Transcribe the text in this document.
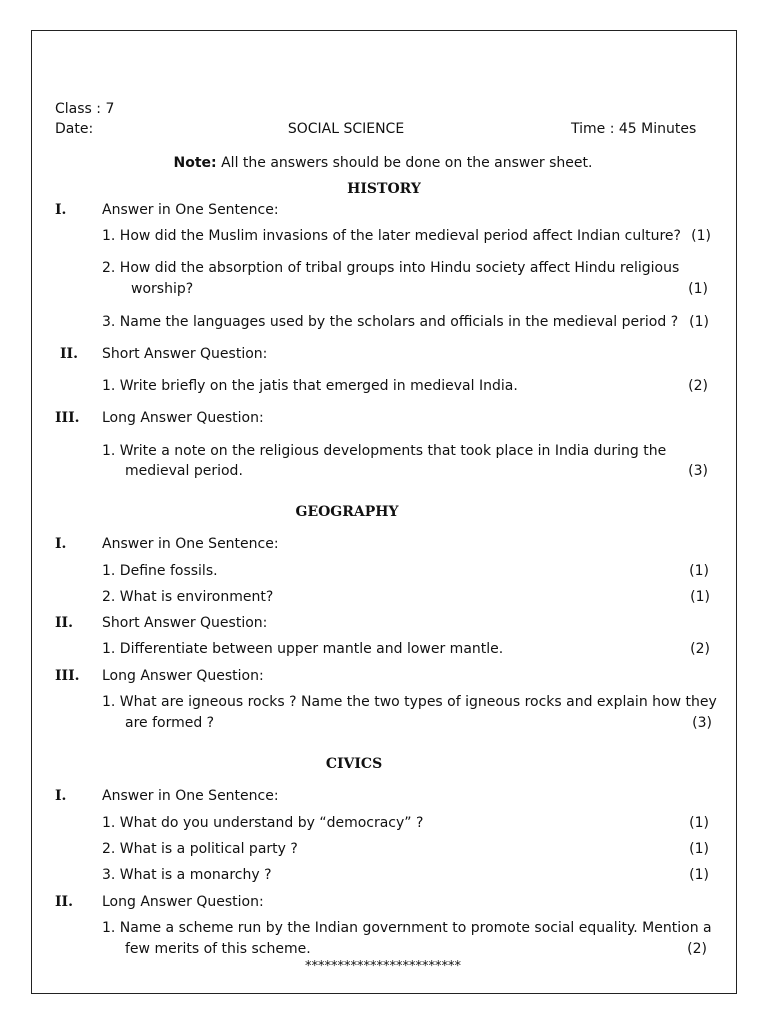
Class : 7
Date:	SOCIAL SCIENCE	Time : 45 Minutes
Note: All the answers should be done on the answer sheet.
HISTORY
I.	Answer in One Sentence:
1. How did the Muslim invasions of the later medieval period affect Indian culture? (1)
2. How did the absorption of tribal groups into Hindu society affect Hindu religious
worship?	(1)
3. Name the languages used by the scholars and officials in the medieval period ? (1)
II. Short Answer Question:
1. Write briefly on the jatis that emerged in medieval India.	(2)
III. Long Answer Question:
1. Write a note on the religious developments that took place in India during the
medieval period.	(3)
GEOGRAPHY
I.	Answer in One Sentence:
1. Define fossils.	(1)
2. What is environment?	(1)
II. Short Answer Question:
1. Differentiate between upper mantle and lower mantle.	(2)
III. Long Answer Question:
1. What are igneous rocks ? Name the two types of igneous rocks and explain how they
are formed ?	(3)
CIVICS
I.	Answer in One Sentence:
1. What do you understand by “democracy” ?	(1)
2. What is a political party ?	(1)
3. What is a monarchy ?	(1)
II. Long Answer Question:
1. Name a scheme run by the Indian government to promote social equality. Mention a
few merits of this scheme.	(2)
************************
